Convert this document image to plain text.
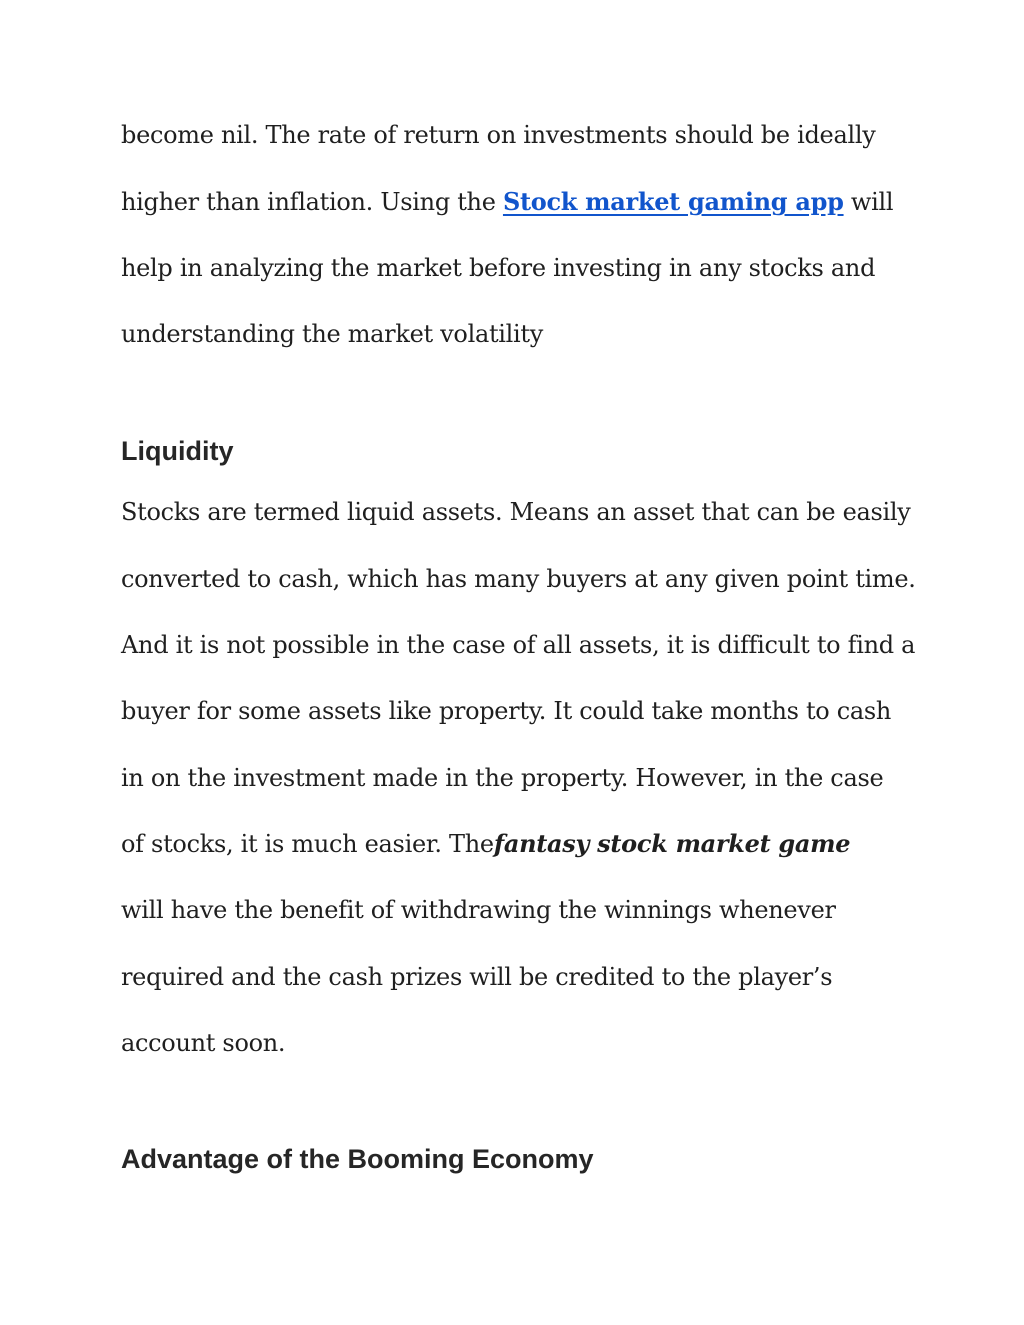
become nil. The rate of return on investments should be ideally
higher than inflation. Using the Stock market gaming app will
help in analyzing the market before investing in any stocks and
understanding the market volatility
Liquidity
Stocks are termed liquid assets. Means an asset that can be easily
converted to cash, which has many buyers at any given point time.
And it is not possible in the case of all assets, it is difficult to find a
buyer for some assets like property. It could take months to cash
in on the investment made in the property. However, in the case
of stocks, it is much easier. Thefantasy stock market game
will have the benefit of withdrawing the winnings whenever
required and the cash prizes will be credited to the player’s
account soon.
Advantage of the Booming Economy
